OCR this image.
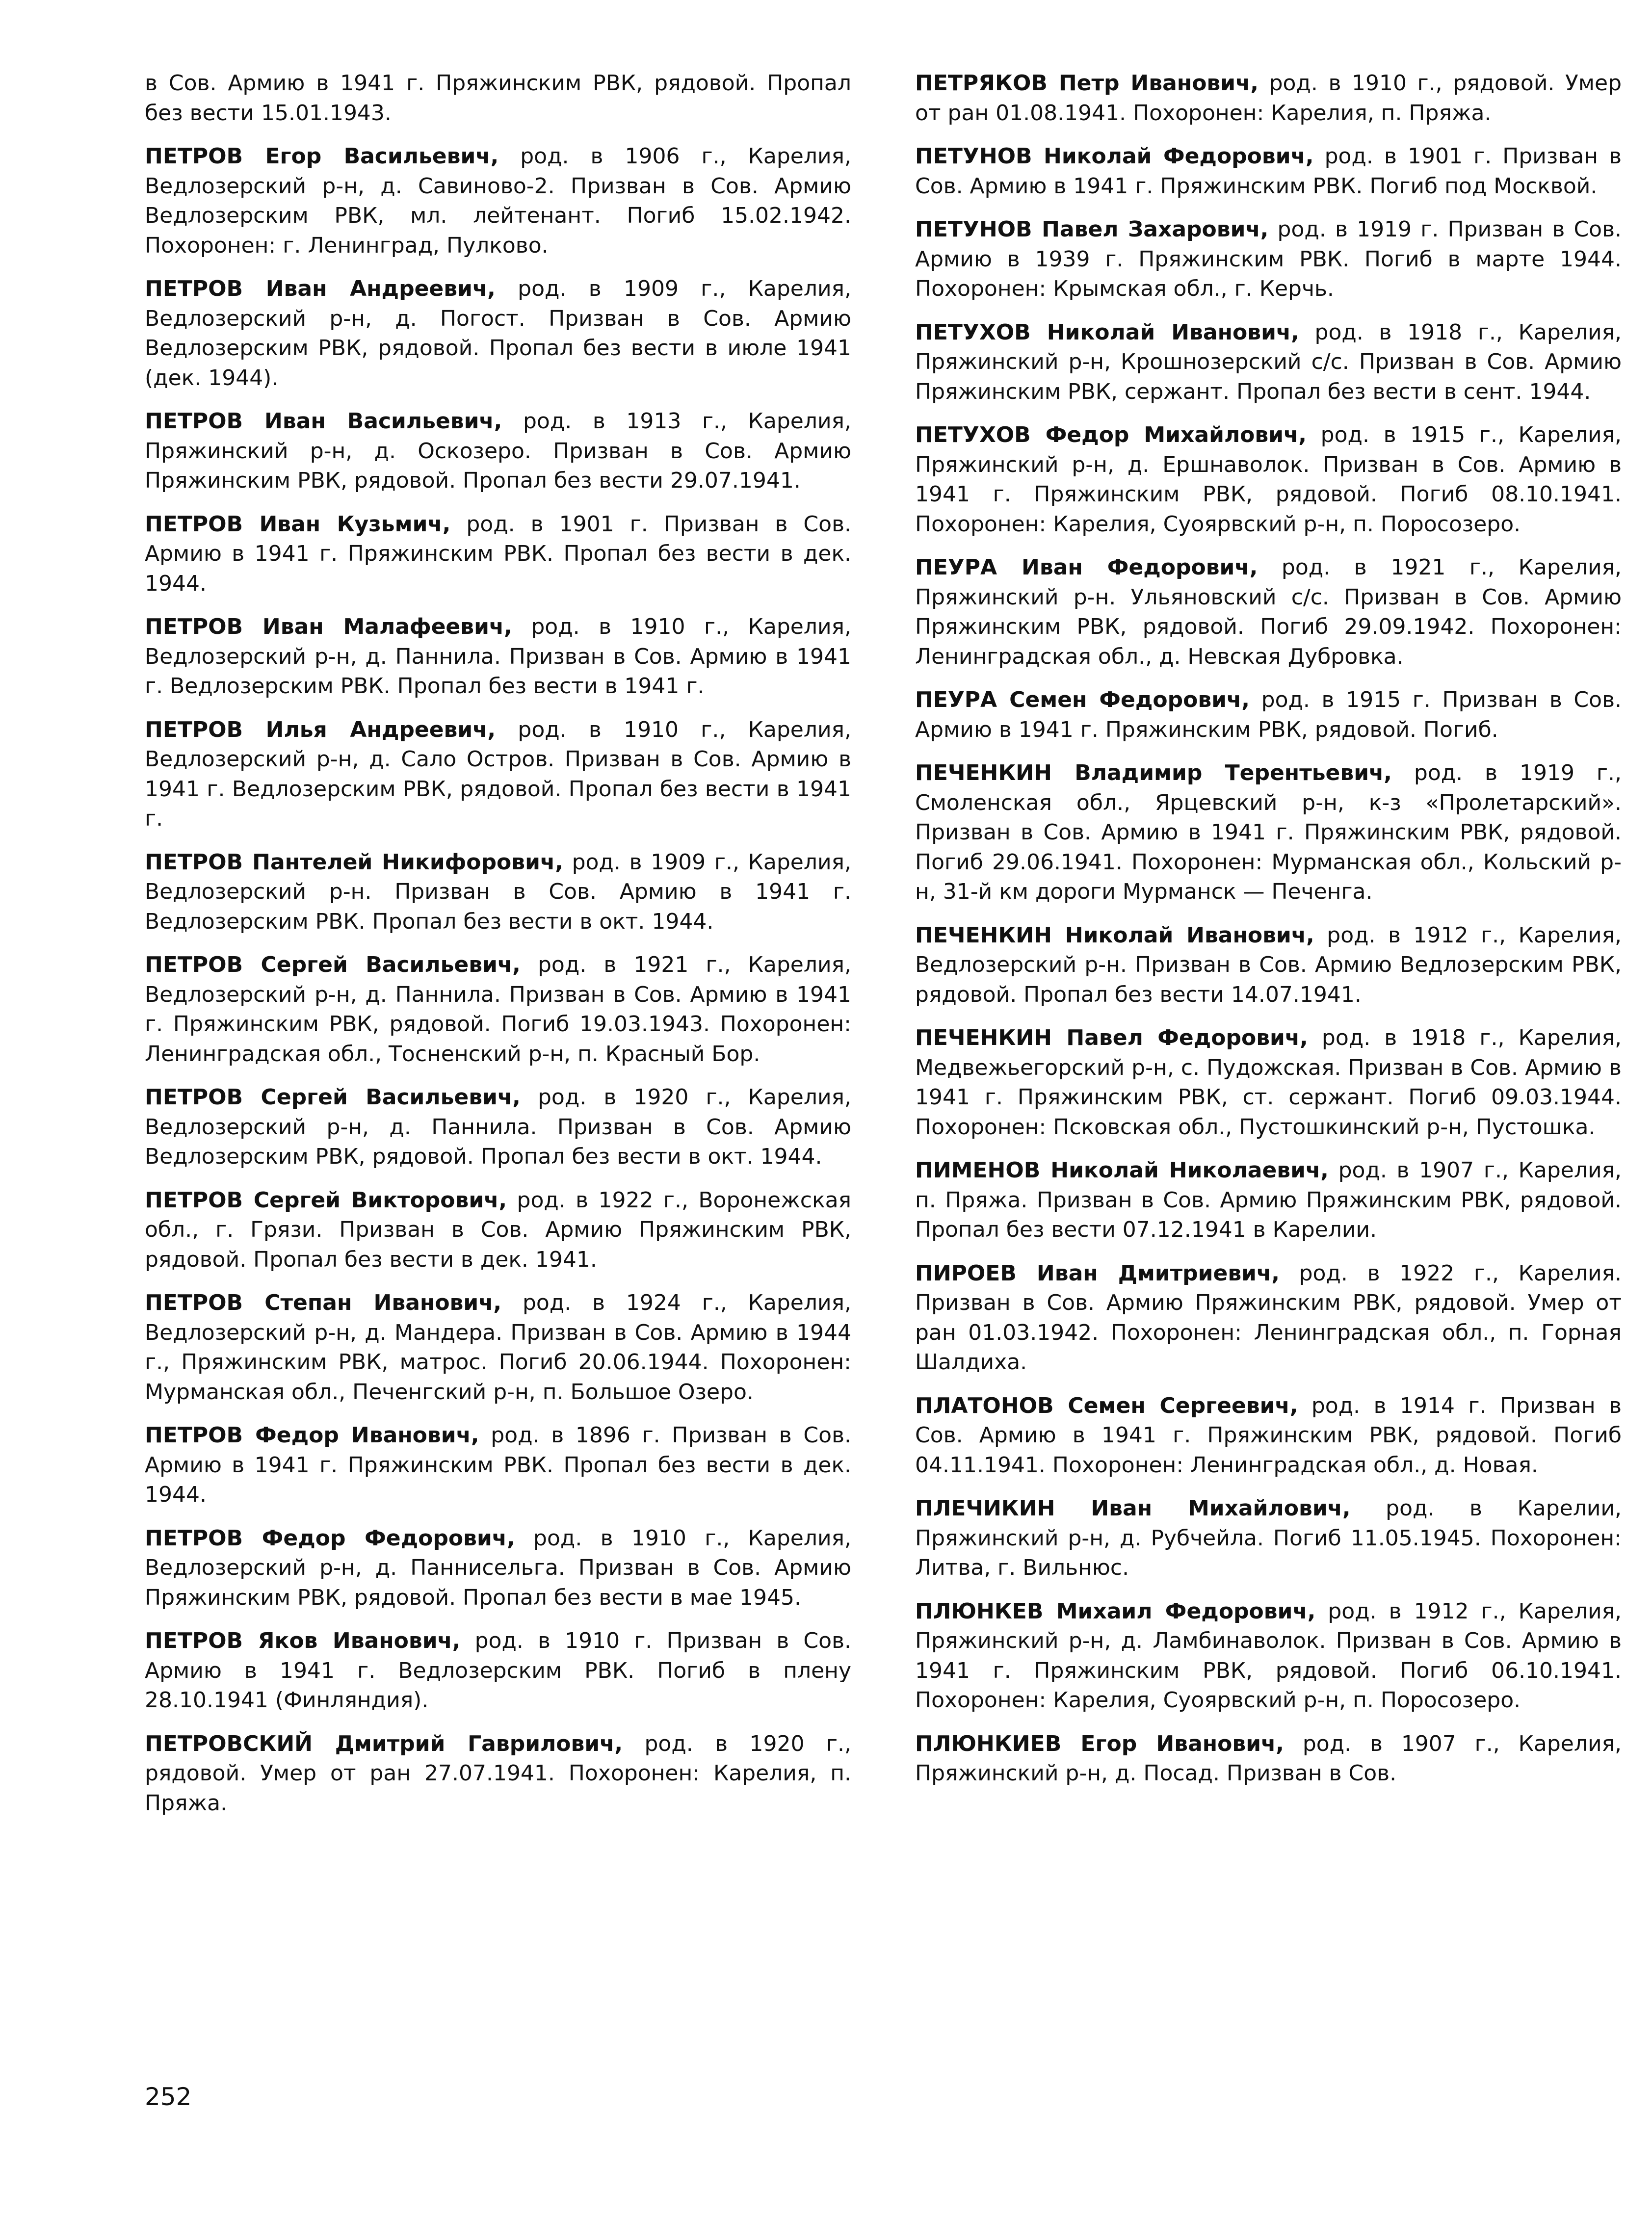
в Сов. Армию в 1941 г. Пряжинским РВК, рядовой. Пропал без вести 15.01.1943.

ПЕТРОВ Егор Васильевич, род. в 1906 г., Карелия, Ведлозерский р-н, д. Савиново-2. Призван в Сов. Армию Ведлозерским РВК, мл. лейтенант. Погиб 15.02.1942. Похоронен: г. Ленинград, Пулково.

ПЕТРОВ Иван Андреевич, род. в 1909 г., Карелия, Ведлозерский р-н, д. Погост. Призван в Сов. Армию Ведлозерским РВК, рядовой. Пропал без вести в июле 1941 (дек. 1944).

ПЕТРОВ Иван Васильевич, род. в 1913 г., Карелия, Пряжинский р-н, д. Оскозеро. Призван в Сов. Армию Пряжинским РВК, рядовой. Пропал без вести 29.07.1941.

ПЕТРОВ Иван Кузьмич, род. в 1901 г. Призван в Сов. Армию в 1941 г. Пряжинским РВК. Пропал без вести в дек. 1944.

ПЕТРОВ Иван Малафеевич, род. в 1910 г., Карелия, Ведлозерский р-н, д. Паннила. Призван в Сов. Армию в 1941 г. Ведлозерским РВК. Пропал без вести в 1941 г.

ПЕТРОВ Илья Андреевич, род. в 1910 г., Карелия, Ведлозерский р-н, д. Сало Остров. Призван в Сов. Армию в 1941 г. Ведлозерским РВК, рядовой. Пропал без вести в 1941 г.

ПЕТРОВ Пантелей Никифорович, род. в 1909 г., Карелия, Ведлозерский р-н. Призван в Сов. Армию в 1941 г. Ведлозерским РВК. Пропал без вести в окт. 1944.

ПЕТРОВ Сергей Васильевич, род. в 1921 г., Карелия, Ведлозерский р-н, д. Паннила. Призван в Сов. Армию в 1941 г. Пряжинским РВК, рядовой. Погиб 19.03.1943. Похоронен: Ленинградская обл., Тосненский р-н, п. Красный Бор.

ПЕТРОВ Сергей Васильевич, род. в 1920 г., Карелия, Ведлозерский р-н, д. Паннила. Призван в Сов. Армию Ведлозерским РВК, рядовой. Пропал без вести в окт. 1944.

ПЕТРОВ Сергей Викторович, род. в 1922 г., Воронежская обл., г. Грязи. Призван в Сов. Армию Пряжинским РВК, рядовой. Пропал без вести в дек. 1941.

ПЕТРОВ Степан Иванович, род. в 1924 г., Карелия, Ведлозерский р-н, д. Мандера. Призван в Сов. Армию в 1944 г., Пряжинским РВК, матрос. Погиб 20.06.1944. Похоронен: Мурманская обл., Печенгский р-н, п. Большое Озеро.

ПЕТРОВ Федор Иванович, род. в 1896 г. Призван в Сов. Армию в 1941 г. Пряжинским РВК. Пропал без вести в дек. 1944.

ПЕТРОВ Федор Федорович, род. в 1910 г., Карелия, Ведлозерский р-н, д. Паннисельга. Призван в Сов. Армию Пряжинским РВК, рядовой. Пропал без вести в мае 1945.

ПЕТРОВ Яков Иванович, род. в 1910 г. Призван в Сов. Армию в 1941 г. Ведлозерским РВК. Погиб в плену 28.10.1941 (Финляндия).

ПЕТРОВСКИЙ Дмитрий Гаврилович, род. в 1920 г., рядовой. Умер от ран 27.07.1941. Похоронен: Карелия, п. Пряжа.

ПЕТРЯКОВ Петр Иванович, род. в 1910 г., рядовой. Умер от ран 01.08.1941. Похоронен: Карелия, п. Пряжа.

ПЕТУНОВ Николай Федорович, род. в 1901 г. Призван в Сов. Армию в 1941 г. Пряжинским РВК. Погиб под Москвой.

ПЕТУНОВ Павел Захарович, род. в 1919 г. Призван в Сов. Армию в 1939 г. Пряжинским РВК. Погиб в марте 1944. Похоронен: Крымская обл., г. Керчь.

ПЕТУХОВ Николай Иванович, род. в 1918 г., Карелия, Пряжинский р-н, Крошнозерский с/с. Призван в Сов. Армию Пряжинским РВК, сержант. Пропал без вести в сент. 1944.

ПЕТУХОВ Федор Михайлович, род. в 1915 г., Карелия, Пряжинский р-н, д. Ершнаволок. Призван в Сов. Армию в 1941 г. Пряжинским РВК, рядовой. Погиб 08.10.1941. Похоронен: Карелия, Суоярвский р-н, п. Поросозеро.

ПЕУРА Иван Федорович, род. в 1921 г., Карелия, Пряжинский р-н. Ульяновский с/с. Призван в Сов. Армию Пряжинским РВК, рядовой. Погиб 29.09.1942. Похоронен: Ленинградская обл., д. Невская Дубровка.

ПЕУРА Семен Федорович, род. в 1915 г. Призван в Сов. Армию в 1941 г. Пряжинским РВК, рядовой. Погиб.

ПЕЧЕНКИН Владимир Терентьевич, род. в 1919 г., Смоленская обл., Ярцевский р-н, к-з «Пролетарский». Призван в Сов. Армию в 1941 г. Пряжинским РВК, рядовой. Погиб 29.06.1941. Похоронен: Мурманская обл., Кольский р-н, 31-й км дороги Мурманск — Печенга.

ПЕЧЕНКИН Николай Иванович, род. в 1912 г., Карелия, Ведлозерский р-н. Призван в Сов. Армию Ведлозерским РВК, рядовой. Пропал без вести 14.07.1941.

ПЕЧЕНКИН Павел Федорович, род. в 1918 г., Карелия, Медвежьегорский р-н, с. Пудожская. Призван в Сов. Армию в 1941 г. Пряжинским РВК, ст. сержант. Погиб 09.03.1944. Похоронен: Псковская обл., Пустошкинский р-н, Пустошка.

ПИМЕНОВ Николай Николаевич, род. в 1907 г., Карелия, п. Пряжа. Призван в Сов. Армию Пряжинским РВК, рядовой. Пропал без вести 07.12.1941 в Карелии.

ПИРОЕВ Иван Дмитриевич, род. в 1922 г., Карелия. Призван в Сов. Армию Пряжинским РВК, рядовой. Умер от ран 01.03.1942. Похоронен: Ленинградская обл., п. Горная Шалдиха.

ПЛАТОНОВ Семен Сергеевич, род. в 1914 г. Призван в Сов. Армию в 1941 г. Пряжинским РВК, рядовой. Погиб 04.11.1941. Похоронен: Ленинградская обл., д. Новая.

ПЛЕЧИКИН Иван Михайлович, род. в Карелии, Пряжинский р-н, д. Рубчейла. Погиб 11.05.1945. Похоронен: Литва, г. Вильнюс.

ПЛЮНКЕВ Михаил Федорович, род. в 1912 г., Карелия, Пряжинский р-н, д. Ламбинаволок. Призван в Сов. Армию в 1941 г. Пряжинским РВК, рядовой. Погиб 06.10.1941. Похоронен: Карелия, Суоярвский р-н, п. Поросозеро.

ПЛЮНКИЕВ Егор Иванович, род. в 1907 г., Карелия, Пряжинский р-н, д. Посад. Призван в Сов.

252
